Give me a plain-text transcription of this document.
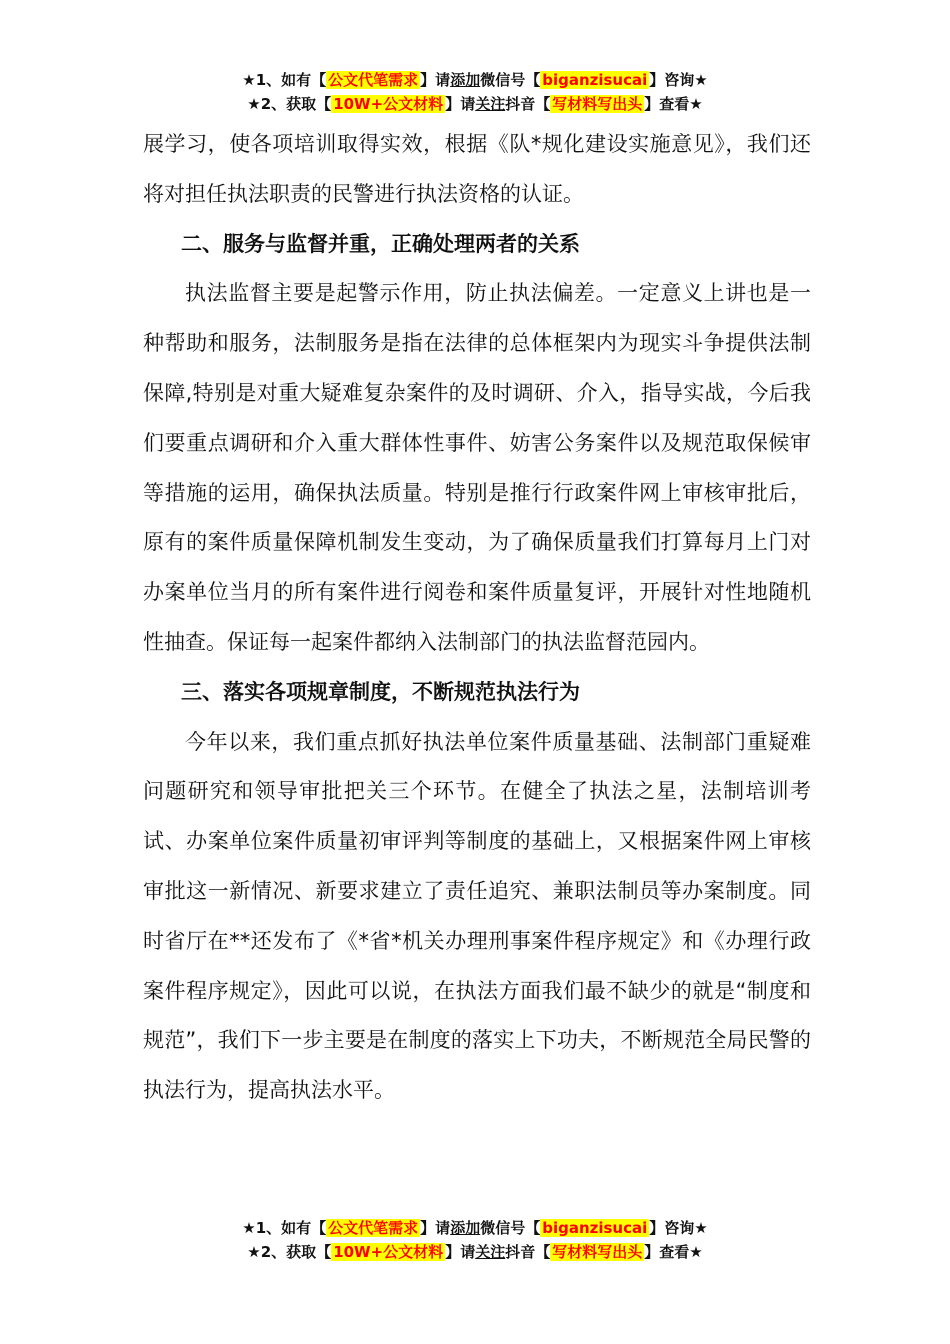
★1、如有【 公文代笔需求 】请添加微信号【 biganzisucai 】咨询★
★2、获取【 10W+公文材料 】请关注抖音【 写材料写出头 】查看★

展学习，使各项培训取得实效，根据《队*规化建设实施意见》，我们还将对担任执法职责的民警进行执法资格的认证。

二、服务与监督并重，正确处理两者的关系

执法监督主要是起警示作用，防止执法偏差。一定意义上讲也是一种帮助和服务，法制服务是指在法律的总体框架内为现实斗争提供法制保障,特别是对重大疑难复杂案件的及时调研、介入，指导实战，今后我们要重点调研和介入重大群体性事件、妨害公务案件以及规范取保候审等措施的运用，确保执法质量。特别是推行行政案件网上审核审批后，原有的案件质量保障机制发生变动，为了确保质量我们打算每月上门对办案单位当月的所有案件进行阅卷和案件质量复评，开展针对性地随机性抽查。保证每一起案件都纳入法制部门的执法监督范园内。

三、落实各项规章制度，不断规范执法行为

今年以来，我们重点抓好执法单位案件质量基础、法制部门重疑难问题研究和领导审批把关三个环节。在健全了执法之星，法制培训考试、办案单位案件质量初审评判等制度的基础上，又根据案件网上审核审批这一新情况、新要求建立了责任追究、兼职法制员等办案制度。同时省厅在**还发布了《*省*机关办理刑事案件程序规定》和《办理行政案件程序规定》，因此可以说，在执法方面我们最不缺少的就是“制度和规范”，我们下一步主要是在制度的落实上下功夫，不断规范全局民警的执法行为，提高执法水平。

★1、如有【 公文代笔需求 】请添加微信号【 biganzisucai 】咨询★
★2、获取【 10W+公文材料 】请关注抖音【 写材料写出头 】查看★
